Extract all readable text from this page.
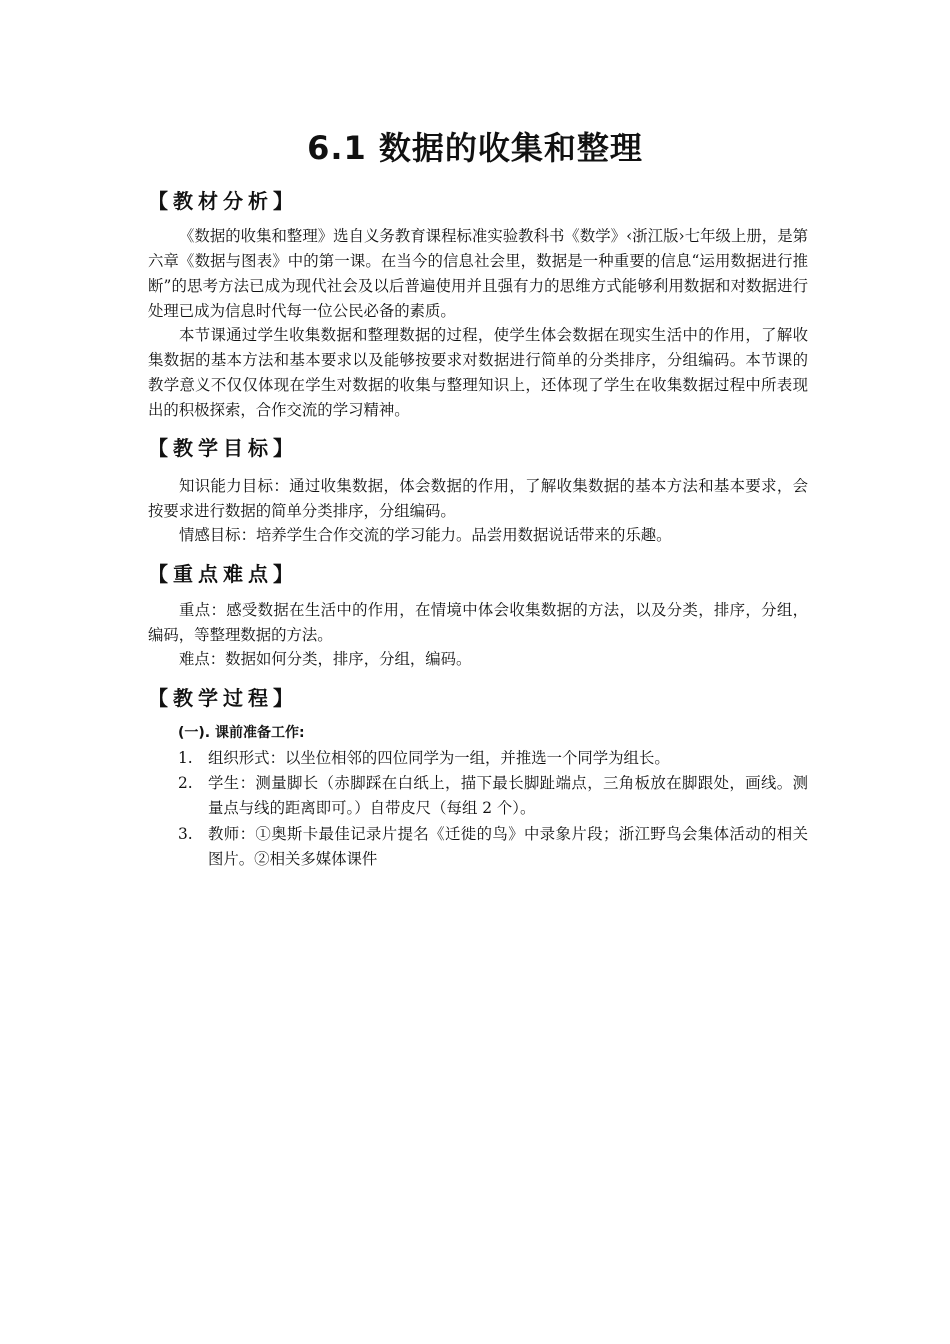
6.1 数据的收集和整理
【教材分析】

《数据的收集和整理》选自义务教育课程标准实验教科书《数学》‹浙江版›七年级上册，是第六章《数据与图表》中的第一课。在当今的信息社会里，数据是一种重要的信息“运用数据进行推断”的思考方法已成为现代社会及以后普遍使用并且强有力的思维方式能够利用数据和对数据进行处理已成为信息时代每一位公民必备的素质。

本节课通过学生收集数据和整理数据的过程，使学生体会数据在现实生活中的作用，了解收集数据的基本方法和基本要求以及能够按要求对数据进行简单的分类排序，分组编码。本节课的教学意义不仅仅体现在学生对数据的收集与整理知识上，还体现了学生在收集数据过程中所表现出的积极探索，合作交流的学习精神。

【教学目标】

知识能力目标：通过收集数据，体会数据的作用，了解收集数据的基本方法和基本要求，会按要求进行数据的简单分类排序，分组编码。

情感目标：培养学生合作交流的学习能力。品尝用数据说话带来的乐趣。

【重点难点】

重点：感受数据在生活中的作用，在情境中体会收集数据的方法，以及分类，排序，分组，编码，等整理数据的方法。

难点：数据如何分类，排序，分组，编码。

【教学过程】
(一). 课前准备工作:
1. 组织形式：以坐位相邻的四位同学为一组，并推选一个同学为组长。
2. 学生：测量脚长（赤脚踩在白纸上，描下最长脚趾端点，三角板放在脚跟处，画线。测量点与线的距离即可。）自带皮尺（每组 2 个）。
3. 教师：①奥斯卡最佳记录片提名《迁徙的鸟》中录象片段；浙江野鸟会集体活动的相关图片。②相关多媒体课件
